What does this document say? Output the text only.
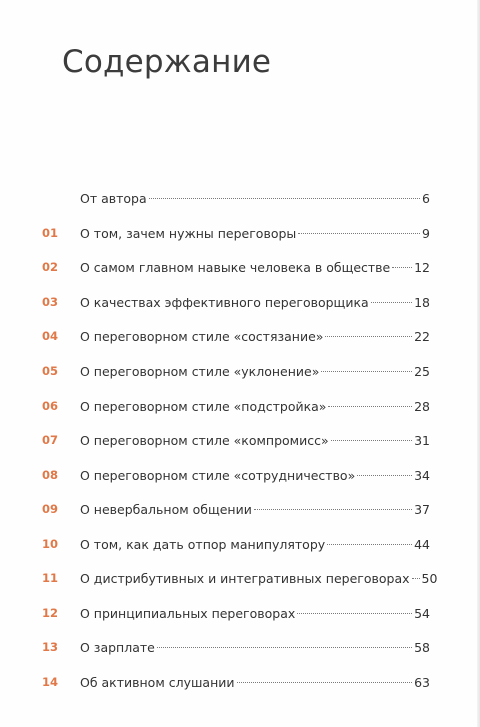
Содержание
От автора	6
01 О том, зачем нужны переговоры	9
02 О самом главном навыке человека в обществе 12
03 О качествах эффективного переговорщика	18
04 О переговорном стиле «состязание»	22
05 О переговорном стиле «уклонение»	25
06 О переговорном стиле «подстройка»	28
07 О переговорном стиле «компромисс»	31
08 О переговорном стиле «сотрудничество»	34
09 О невербальном общении	37
10 О том, как дать отпор манипулятору	44
11 О дистрибутивных и интегративных переговорах 50
12 О принципиальных переговорах	54
13 О зарплате	58
14 Об активном слушании	63
